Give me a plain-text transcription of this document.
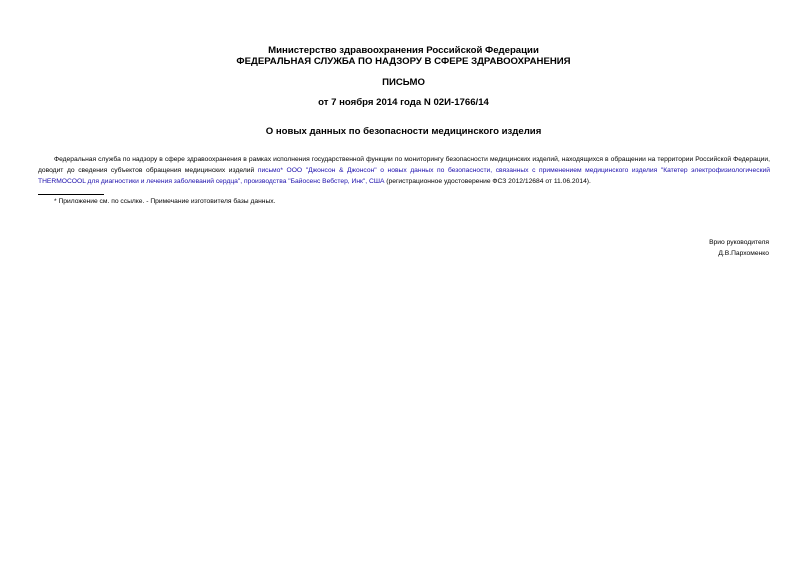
Министерство здравоохранения Российской Федерации
ФЕДЕРАЛЬНАЯ СЛУЖБА ПО НАДЗОРУ В СФЕРЕ ЗДРАВООХРАНЕНИЯ
ПИСЬМО
от 7 ноября 2014 года N 02И-1766/14
О новых данных по безопасности медицинского изделия
Федеральная служба по надзору в сфере здравоохранения в рамках исполнения государственной функции по мониторингу безопасности медицинских изделий, находящихся в обращении на территории Российской Федерации, доводит до сведения субъектов обращения медицинских изделий письмо* ООО "Джонсон & Джонсон" о новых данных по безопасности, связанных с применением медицинского изделия "Катетер электрофизиологический THERMOCOOL для диагностики и лечения заболеваний сердца", производства "Байосенс Вебстер, Инк", США (регистрационное удостоверение ФСЗ 2012/12684 от 11.06.2014).
* Приложение см. по ссылке. - Примечание изготовителя базы данных.
Врио руководителя
Д.В.Пархоменко
